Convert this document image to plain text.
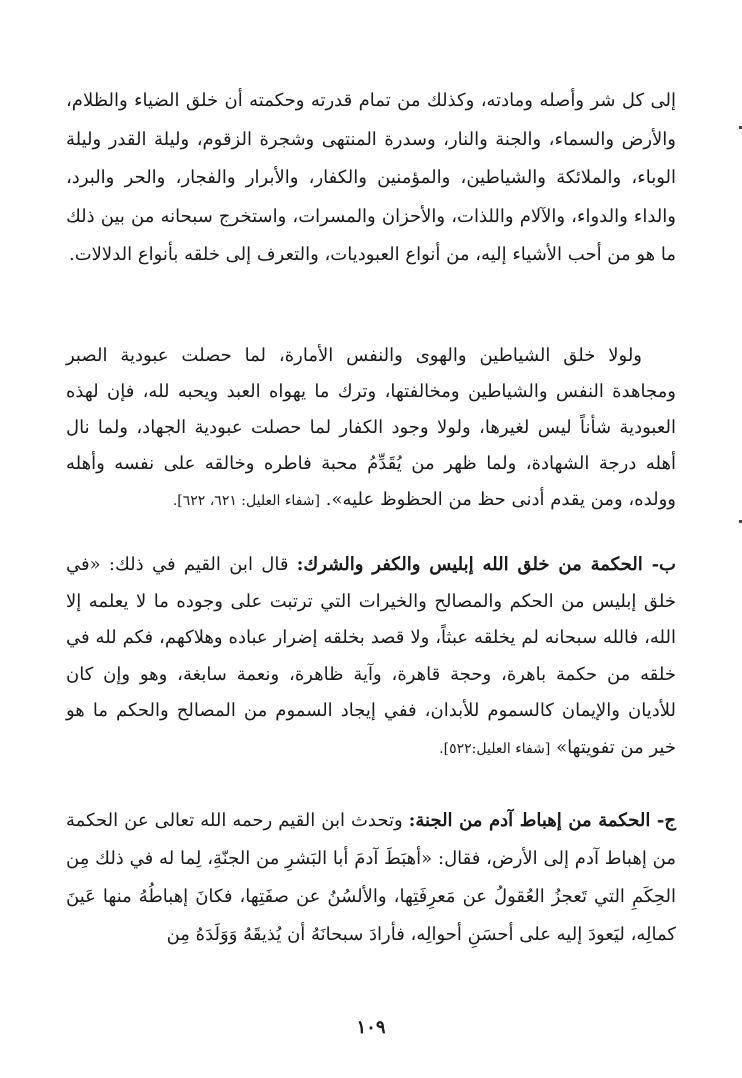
إلى كل شر وأصله ومادته، وكذلك من تمام قدرته وحكمته أن خلق الضياء والظلام، والأرض والسماء، والجنة والنار، وسدرة المنتهى وشجرة الزقوم، وليلة القدر وليلة الوباء، والملائكة والشياطين، والمؤمنين والكفار، والأبرار والفجار، والحر والبرد، والداء والدواء، والآلام واللذات، والأحزان والمسرات، واستخرج سبحانه من بين ذلك ما هو من أحب الأشياء إليه، من أنواع العبوديات، والتعرف إلى خلقه بأنواع الدلالات.
ولولا خلق الشياطين والهوى والنفس الأمارة، لما حصلت عبودية الصبر ومجاهدة النفس والشياطين ومخالفتها، وترك ما يهواه العبد ويحبه لله، فإن لهذه العبودية شأناً ليس لغيرها، ولولا وجود الكفار لما حصلت عبودية الجهاد، ولما نال أهله درجة الشهادة، ولما ظهر من يُقَدِّمُ محبة فاطره وخالقه على نفسه وأهله وولده، ومن يقدم أدنى حظ من الحظوظ عليه». [شفاء العليل: ٦٢١، ٦٢٢].
ب- الحكمة من خلق الله إبليس والكفر والشرك: قال ابن القيم في ذلك: «في خلق إبليس من الحكم والمصالح والخيرات التي ترتبت على وجوده ما لا يعلمه إلا الله، فالله سبحانه لم يخلقه عبثاً، ولا قصد بخلقه إضرار عباده وهلاكهم، فكم لله في خلقه من حكمة باهرة، وحجة قاهرة، وآية ظاهرة، ونعمة سابغة، وهو وإن كان للأديان والإيمان كالسموم للأبدان، ففي إيجاد السموم من المصالح والحكم ما هو خير من تفويتها» [شفاء العليل:٥٢٢].
ج- الحكمة من إهباط آدم من الجنة: وتحدث ابن القيم رحمه الله تعالى عن الحكمة من إهباط آدم إلى الأرض، فقال: «أهبَطَ آدمَ أبا البَشرِ من الجنّةِ، لِما له في ذلك مِن الحِكَمِ التي تَعجزُ العُقولُ عن مَعرِفَتِها، والألسُنُ عن صفَتِها، فكانَ إهباطُهُ منها عَينَ كمالِه، ليَعودَ إليه على أحسَنِ أحوالِه، فأرادَ سبحانَهُ أن يُذيقَهُ وَوَلَدَهُ مِن
١٠٩
